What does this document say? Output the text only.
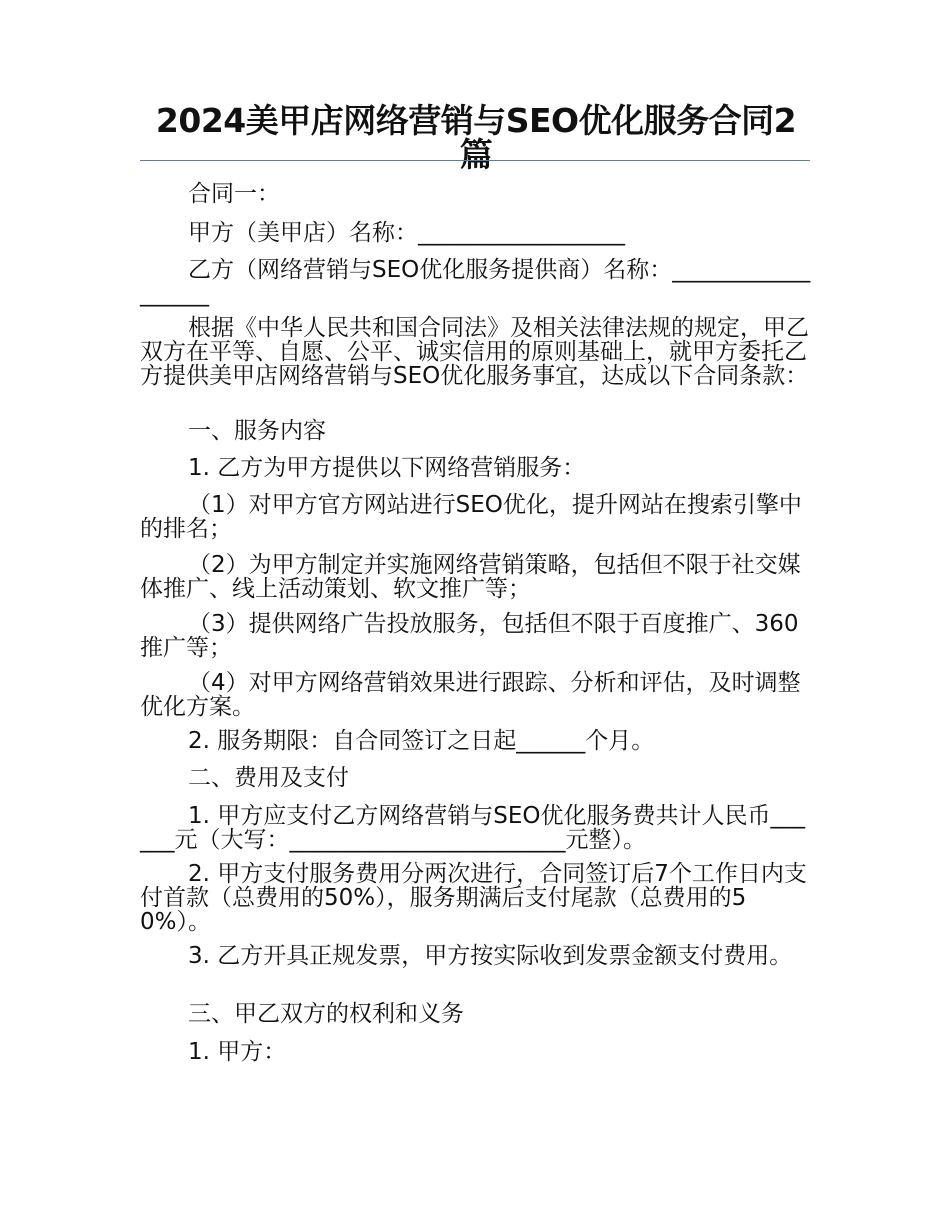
2024美甲店网络营销与SEO优化服务合同2篇

合同一：

甲方（美甲店）名称：__________________

乙方（网络营销与SEO优化服务提供商）名称：__________________

根据《中华人民共和国合同法》及相关法律法规的规定，甲乙双方在平等、自愿、公平、诚实信用的原则基础上，就甲方委托乙方提供美甲店网络营销与SEO优化服务事宜，达成以下合同条款：

一、服务内容

1. 乙方为甲方提供以下网络营销服务：

（1）对甲方官方网站进行SEO优化，提升网站在搜索引擎中的排名；

（2）为甲方制定并实施网络营销策略，包括但不限于社交媒体推广、线上活动策划、软文推广等；

（3）提供网络广告投放服务，包括但不限于百度推广、360推广等；

（4）对甲方网络营销效果进行跟踪、分析和评估，及时调整优化方案。

2. 服务期限：自合同签订之日起______个月。

二、费用及支付

1. 甲方应支付乙方网络营销与SEO优化服务费共计人民币______元（大写：________________________元整）。

2. 甲方支付服务费用分两次进行，合同签订后7个工作日内支付首款（总费用的50%），服务期满后支付尾款（总费用的50%）。

3. 乙方开具正规发票，甲方按实际收到发票金额支付费用。

三、甲乙双方的权利和义务

1. 甲方：
